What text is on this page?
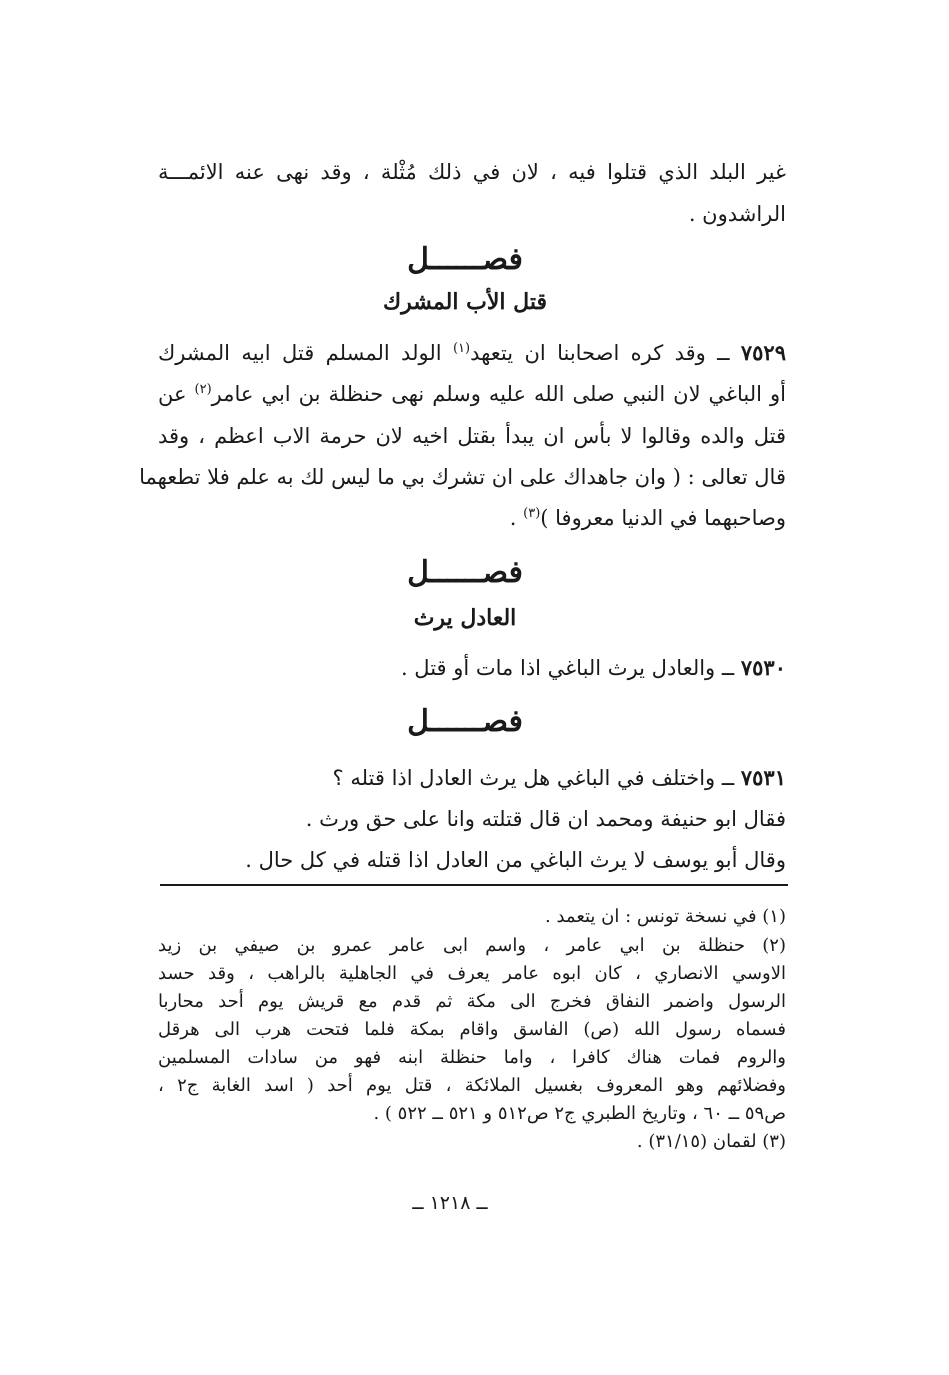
غير البلد الذي قتلوا فيه ، لان في ذلك مُثْلة ، وقد نهى عنه الائمـــة
الراشدون .
فصــــــل
قتل الأب المشرك
٧٥٢٩ ــ وقد كره اصحابنا ان يتعهد$^{(١)}$ الولد المسلم قتل ابيه المشرك
أو الباغي لان النبي صلى الله عليه وسلم نهى حنظلة بن ابي عامر$^{(٢)}$ عن
قتل والده وقالوا لا بأس ان يبدأ بقتل اخيه لان حرمة الاب اعظم ، وقد
قال تعالى : ( وان جاهداك على ان تشرك بي ما ليس لك به علم فلا تطعهما
وصاحبهما في الدنيا معروفا )$^{(٣)}$ .
فصــــــل
العادل يرث
٧٥٣٠ ــ والعادل يرث الباغي اذا مات أو قتل .
فصــــــل
٧٥٣١ ــ واختلف في الباغي هل يرث العادل اذا قتله ؟
فقال ابو حنيفة ومحمد ان قال قتلته وانا على حق ورث .
وقال أبو يوسف لا يرث الباغي من العادل اذا قتله في كل حال .
(١) في نسخة تونس : ان يتعمد .
(٢) حنظلة بن ابي عامر ، واسم ابى عامر عمرو بن صيفي بن زيد
الاوسي الانصاري ، كان ابوه عامر يعرف في الجاهلية بالراهب ، وقد حسد
الرسول واضمر النفاق فخرج الى مكة ثم قدم مع قريش يوم أحد محاربا
فسماه رسول الله (ص) الفاسق واقام بمكة فلما فتحت هرب الى هرقل
والروم فمات هناك كافرا ، واما حنظلة ابنه فهو من سادات المسلمين
وفضلائهم وهو المعروف بغسيل الملائكة ، قتل يوم أحد ( اسد الغابة ج٢ ،
ص٥٩ ــ ٦٠ ، وتاريخ الطبري ج٢ ص٥١٢ و ٥٢١ ــ ٥٢٢ ) .
(٣) لقمان (٣١/١٥) .
ــ ١٢١٨ ــ
